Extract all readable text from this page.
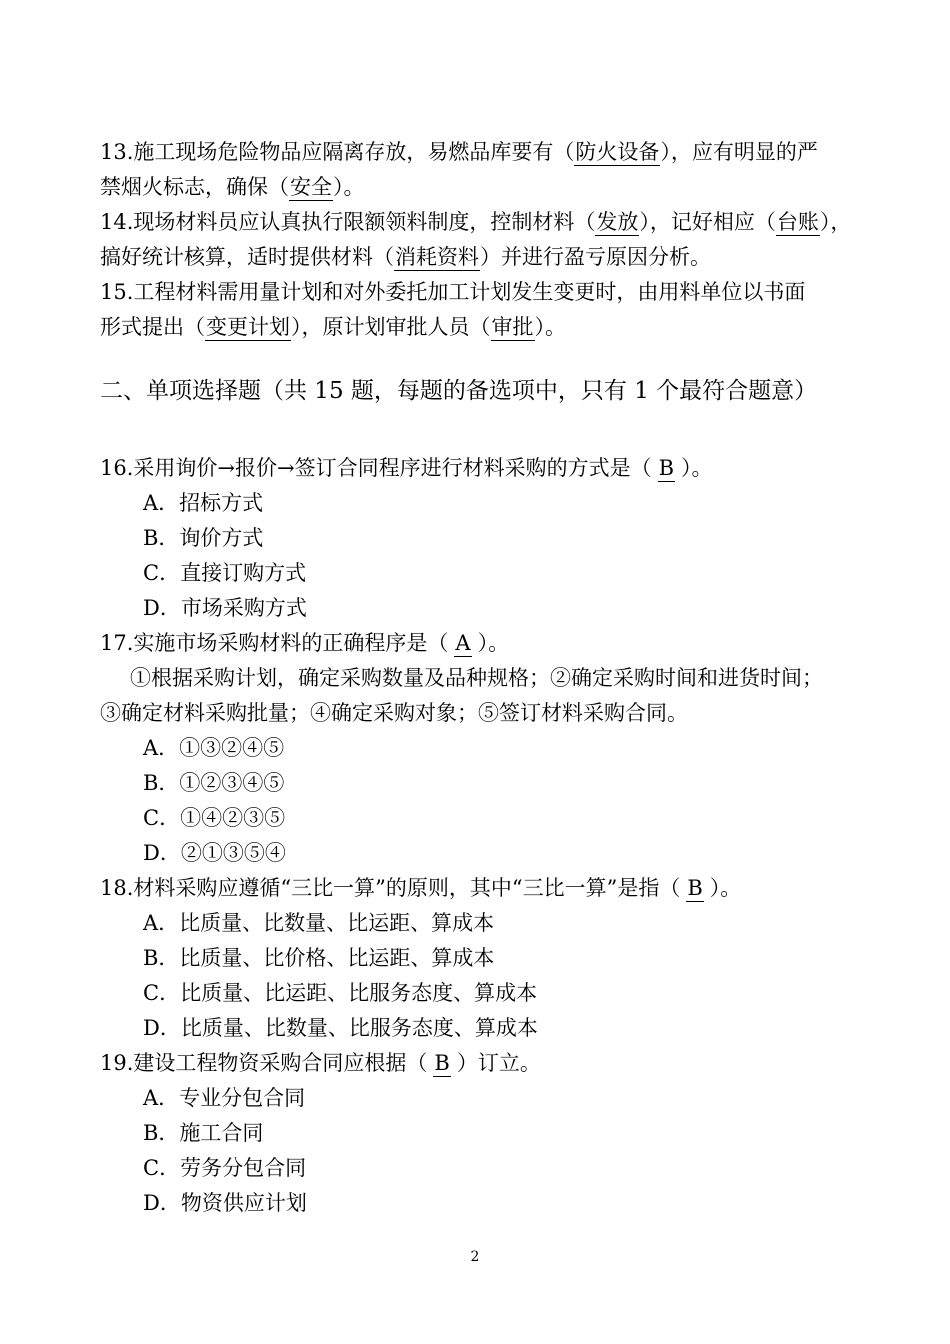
13.施工现场危险物品应隔离存放，易燃品库要有（防火设备），应有明显的严
禁烟火标志，确保（安全）。
14.现场材料员应认真执行限额领料制度，控制材料（发放），记好相应（台账），
搞好统计核算，适时提供材料（消耗资料）并进行盈亏原因分析。
15.工程材料需用量计划和对外委托加工计划发生变更时，由用料单位以书面
形式提出（变更计划），原计划审批人员（审批）。
二、单项选择题（共 15 题，每题的备选项中，只有 1 个最符合题意）
16.采用询价→报价→签订合同程序进行材料采购的方式是（ B ）。
A．招标方式
B．询价方式
C．直接订购方式
D．市场采购方式
17.实施市场采购材料的正确程序是（ A ）。
①根据采购计划，确定采购数量及品种规格；②确定采购时间和进货时间；
③确定材料采购批量；④确定采购对象；⑤签订材料采购合同。
A．①③②④⑤
B．①②③④⑤
C．①④②③⑤
D．②①③⑤④
18.材料采购应遵循“三比一算”的原则，其中“三比一算”是指（ B ）。
A．比质量、比数量、比运距、算成本
B．比质量、比价格、比运距、算成本
C．比质量、比运距、比服务态度、算成本
D．比质量、比数量、比服务态度、算成本
19.建设工程物资采购合同应根据（ B ）订立。
A．专业分包合同
B．施工合同
C．劳务分包合同
D．物资供应计划
2
